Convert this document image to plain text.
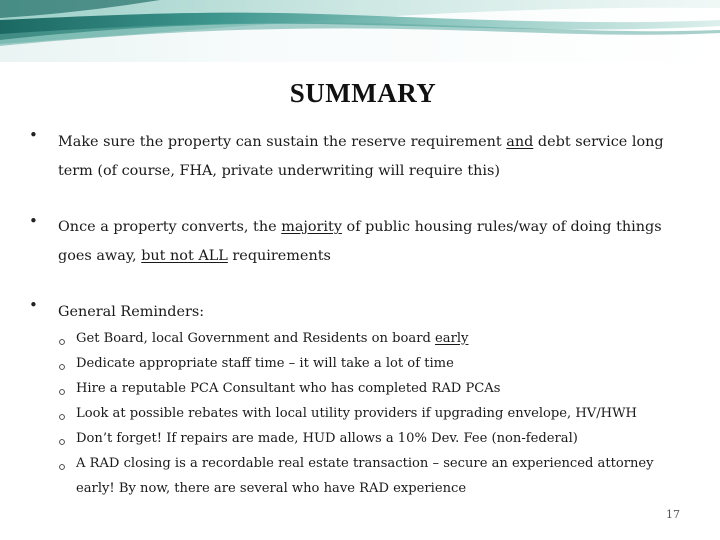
SUMMARY
• Make sure the property can sustain the reserve requirement and debt service long
term (of course, FHA, private underwriting will require this)
• Once a property converts, the majority of public housing rules/way of doing things
goes away, but not ALL requirements
• General Reminders:
Get Board, local Government and Residents on board early
Dedicate appropriate staff time – it will take a lot of time
Hire a reputable PCA Consultant who has completed RAD PCAs
Look at possible rebates with local utility providers if upgrading envelope, HV/HWH
Don’t forget! If repairs are made, HUD allows a 10% Dev. Fee (non-federal)
A RAD closing is a recordable real estate transaction – secure an experienced attorney
early! By now, there are several who have RAD experience
17
